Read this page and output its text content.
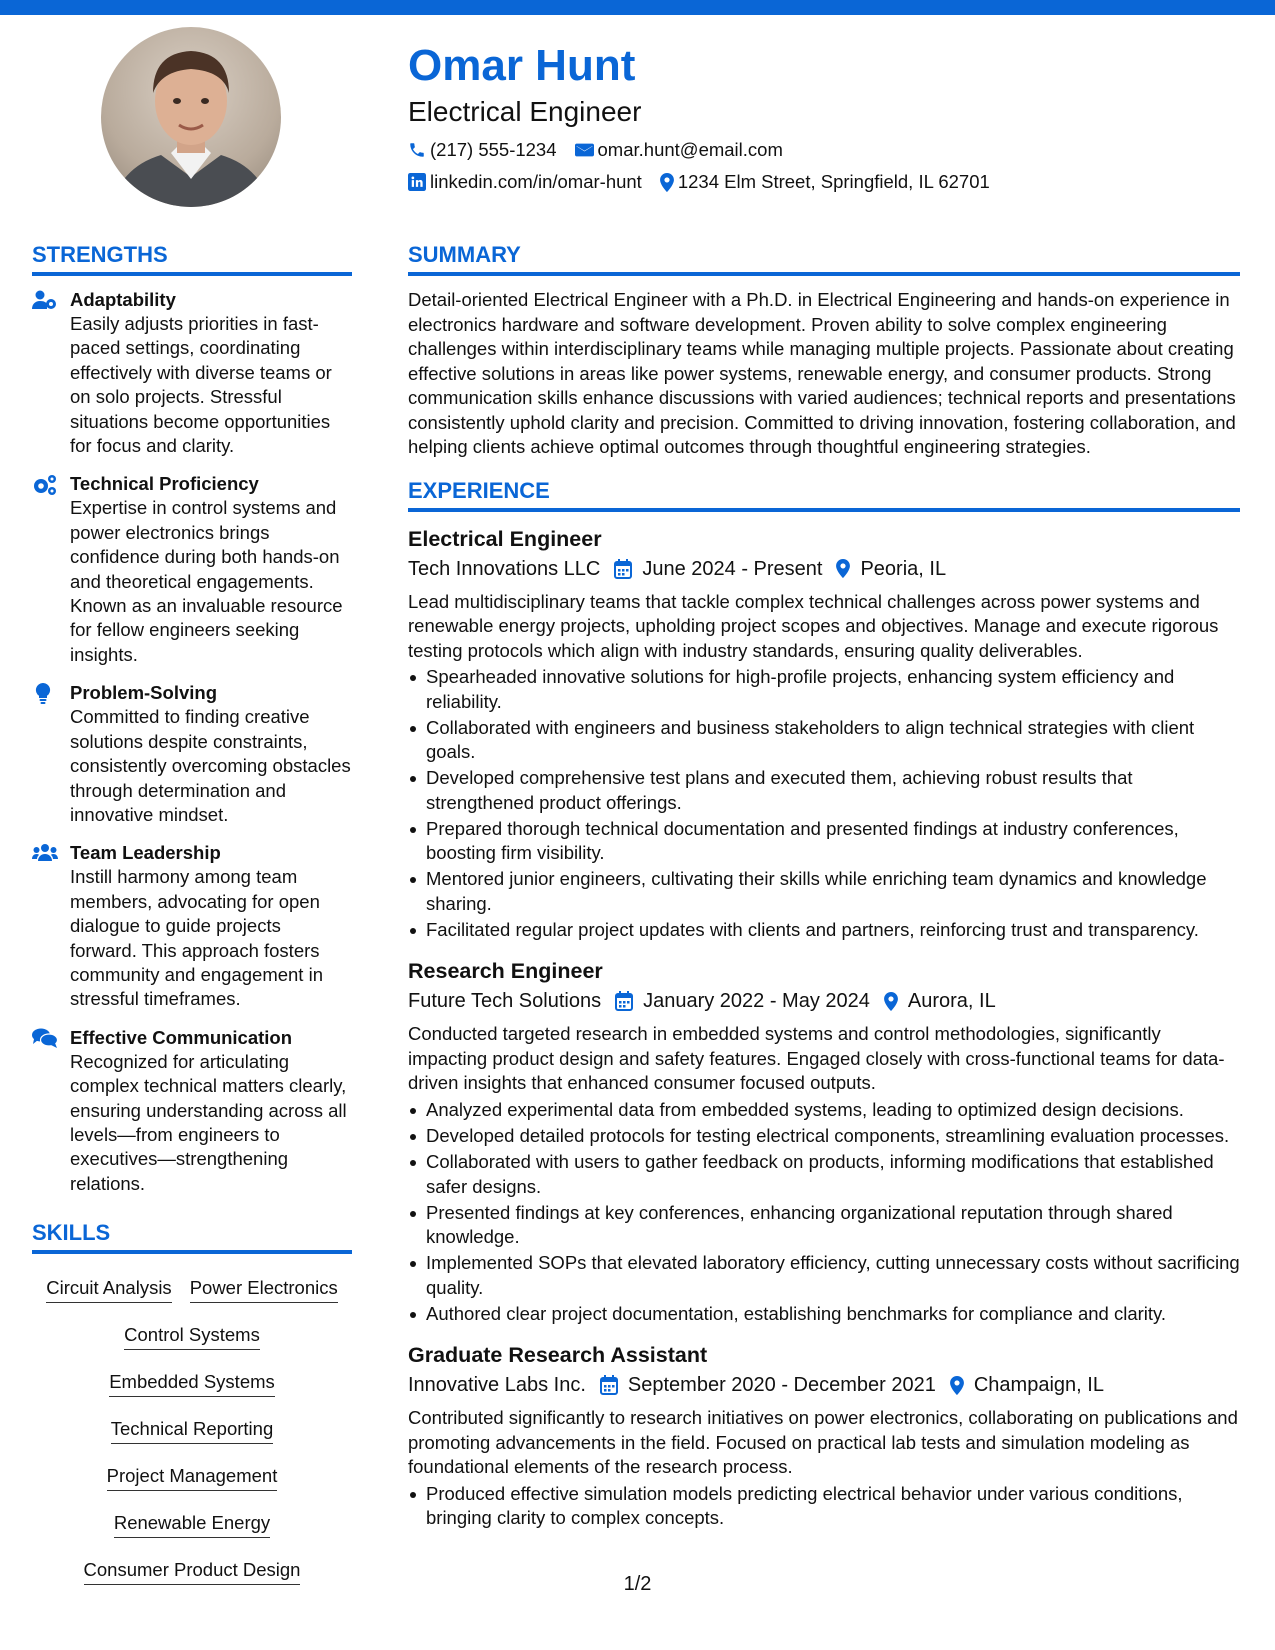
Omar Hunt
Electrical Engineer
(217) 555-1234 omar.hunt@email.com
linkedin.com/in/omar-hunt 1234 Elm Street, Springfield, IL 62701
STRENGTHS
Adaptability
Easily adjusts priorities in fast-paced settings, coordinating effectively with diverse teams or on solo projects. Stressful situations become opportunities for focus and clarity.
Technical Proficiency
Expertise in control systems and power electronics brings confidence during both hands-on and theoretical engagements. Known as an invaluable resource for fellow engineers seeking insights.
Problem-Solving
Committed to finding creative solutions despite constraints, consistently overcoming obstacles through determination and innovative mindset.
Team Leadership
Instill harmony among team members, advocating for open dialogue to guide projects forward. This approach fosters community and engagement in stressful timeframes.
Effective Communication
Recognized for articulating complex technical matters clearly, ensuring understanding across all levels—from engineers to executives—strengthening relations.
SKILLS
Circuit Analysis Power Electronics
Control Systems
Embedded Systems
Technical Reporting
Project Management
Renewable Energy
Consumer Product Design
SUMMARY

Detail-oriented Electrical Engineer with a Ph.D. in Electrical Engineering and hands-on experience in electronics hardware and software development. Proven ability to solve complex engineering challenges within interdisciplinary teams while managing multiple projects. Passionate about creating effective solutions in areas like power systems, renewable energy, and consumer products. Strong communication skills enhance discussions with varied audiences; technical reports and presentations consistently uphold clarity and precision. Committed to driving innovation, fostering collaboration, and helping clients achieve optimal outcomes through thoughtful engineering strategies.

EXPERIENCE
Electrical Engineer
Tech Innovations LLC June 2024 - Present Peoria, IL
Lead multidisciplinary teams that tackle complex technical challenges across power systems and renewable energy projects, upholding project scopes and objectives. Manage and execute rigorous testing protocols which align with industry standards, ensuring quality deliverables.
Spearheaded innovative solutions for high-profile projects, enhancing system efficiency and reliability.
Collaborated with engineers and business stakeholders to align technical strategies with client goals.
Developed comprehensive test plans and executed them, achieving robust results that strengthened product offerings.
Prepared thorough technical documentation and presented findings at industry conferences, boosting firm visibility.
Mentored junior engineers, cultivating their skills while enriching team dynamics and knowledge sharing.
Facilitated regular project updates with clients and partners, reinforcing trust and transparency.
Research Engineer
Future Tech Solutions January 2022 - May 2024 Aurora, IL
Conducted targeted research in embedded systems and control methodologies, significantly impacting product design and safety features. Engaged closely with cross-functional teams for data-driven insights that enhanced consumer focused outputs.
Analyzed experimental data from embedded systems, leading to optimized design decisions.
Developed detailed protocols for testing electrical components, streamlining evaluation processes.
Collaborated with users to gather feedback on products, informing modifications that established safer designs.
Presented findings at key conferences, enhancing organizational reputation through shared knowledge.
Implemented SOPs that elevated laboratory efficiency, cutting unnecessary costs without sacrificing quality.
Authored clear project documentation, establishing benchmarks for compliance and clarity.
Graduate Research Assistant
Innovative Labs Inc. September 2020 - December 2021 Champaign, IL
Contributed significantly to research initiatives on power electronics, collaborating on publications and promoting advancements in the field. Focused on practical lab tests and simulation modeling as foundational elements of the research process.
Produced effective simulation models predicting electrical behavior under various conditions, bringing clarity to complex concepts.
1/2
